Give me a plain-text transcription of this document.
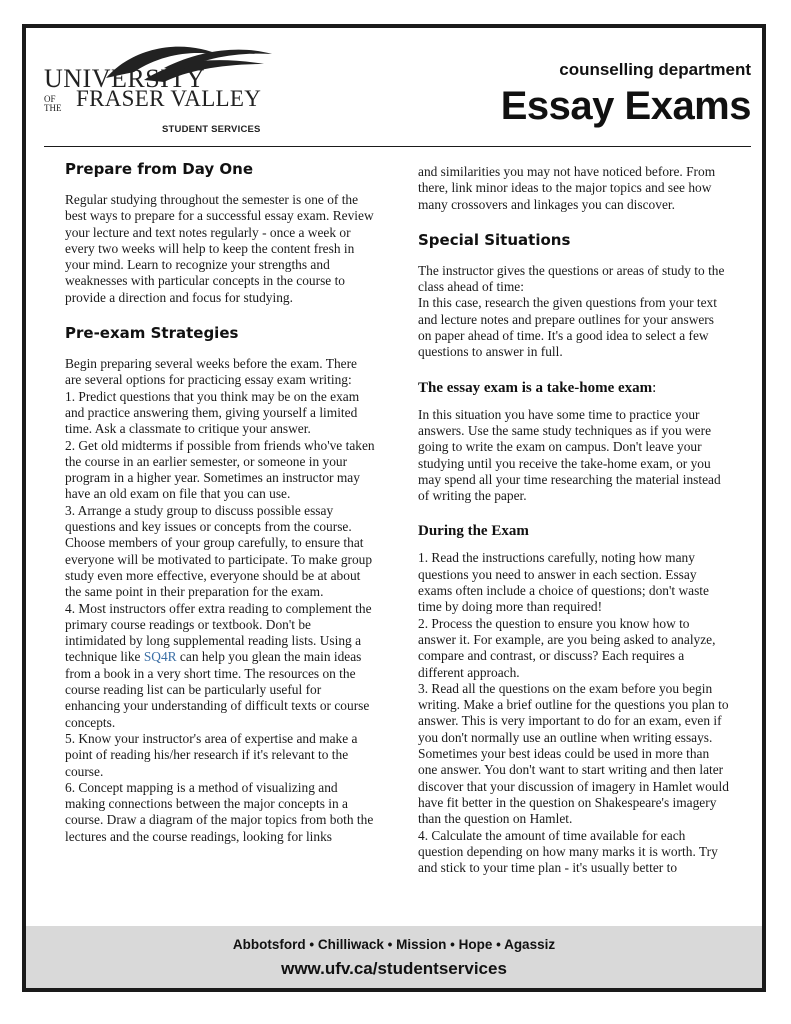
UNIVERSITY
OF THE FRASER VALLEY
STUDENT SERVICES
counselling department
Essay Exams
Prepare from Day One

Regular studying throughout the semester is one of the best ways to prepare for a successful essay exam. Review your lecture and text notes regularly - once a week or every two weeks will help to keep the content fresh in your mind. Learn to recognize your strengths and weaknesses with particular concepts in the course to provide a direction and focus for studying.

Pre-exam Strategies

Begin preparing several weeks before the exam. There are several options for practicing essay exam writing:

1. Predict questions that you think may be on the exam and practice answering them, giving yourself a limited time. Ask a classmate to critique your answer.

2. Get old midterms if possible from friends who've taken the course in an earlier semester, or someone in your program in a higher year. Sometimes an instructor may have an old exam on file that you can use.

3. Arrange a study group to discuss possible essay questions and key issues or concepts from the course. Choose members of your group carefully, to ensure that everyone will be motivated to participate. To make group study even more effective, everyone should be at about the same point in their preparation for the exam.

4. Most instructors offer extra reading to complement the primary course readings or textbook. Don't be intimidated by long supplemental reading lists. Using a technique like SQ4R can help you glean the main ideas from a book in a very short time. The resources on the course reading list can be particularly useful for enhancing your understanding of difficult texts or course concepts.

5. Know your instructor's area of expertise and make a point of reading his/her research if it's relevant to the course.

6. Concept mapping is a method of visualizing and making connections between the major concepts in a course. Draw a diagram of the major topics from both the lectures and the course readings, looking for links

and similarities you may not have noticed before. From there, link minor ideas to the major topics and see how many crossovers and linkages you can discover.

Special Situations

The instructor gives the questions or areas of study to the class ahead of time:

In this case, research the given questions from your text and lecture notes and prepare outlines for your answers on paper ahead of time. It's a good idea to select a few questions to answer in full.

The essay exam is a take-home exam:

In this situation you have some time to practice your answers. Use the same study techniques as if you were going to write the exam on campus. Don't leave your studying until you receive the take-home exam, or you may spend all your time researching the material instead of writing the paper.

During the Exam

1. Read the instructions carefully, noting how many questions you need to answer in each section. Essay exams often include a choice of questions; don't waste time by doing more than required!

2. Process the question to ensure you know how to answer it. For example, are you being asked to analyze, compare and contrast, or discuss? Each requires a different approach.

3. Read all the questions on the exam before you begin writing. Make a brief outline for the questions you plan to answer. This is very important to do for an exam, even if you don't normally use an outline when writing essays. Sometimes your best ideas could be used in more than one answer. You don't want to start writing and then later discover that your discussion of imagery in Hamlet would have fit better in the question on Shakespeare's imagery than the question on Hamlet.

4. Calculate the amount of time available for each question depending on how many marks it is worth. Try and stick to your time plan - it's usually better to

Abbotsford • Chilliwack • Mission • Hope • Agassiz
www.ufv.ca/studentservices
